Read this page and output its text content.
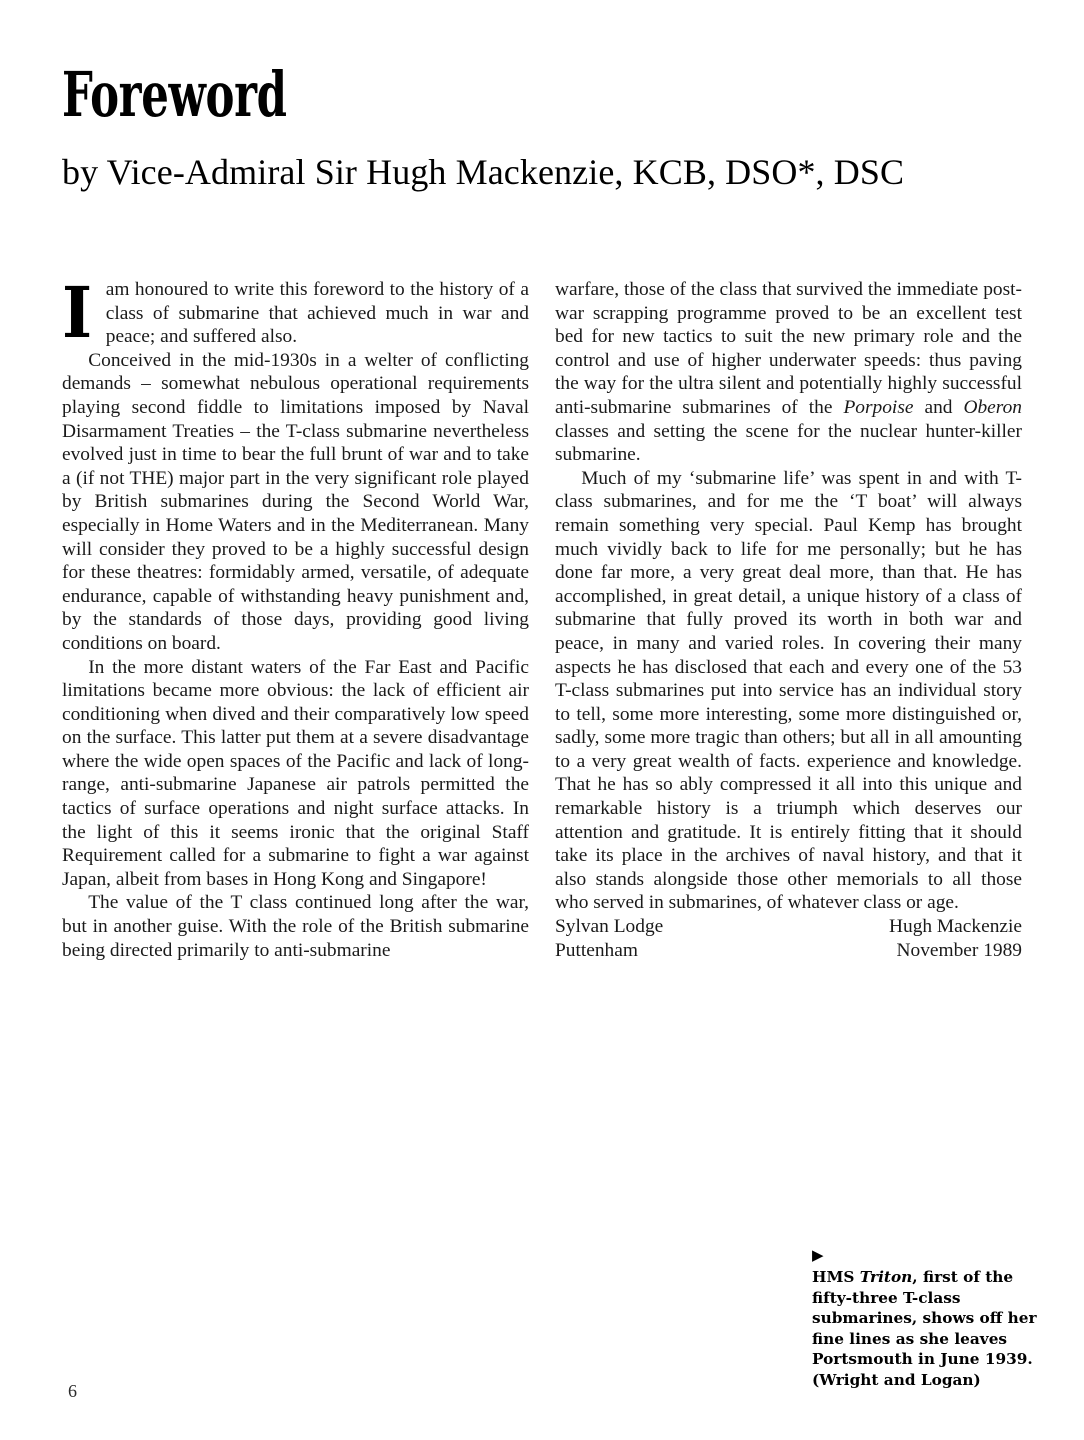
Foreword
by Vice-Admiral Sir Hugh Mackenzie, KCB, DSO*, DSC

Iam honoured to write this foreword to the history of a class of submarine that achieved much in war and peace; and suffered also.

Conceived in the mid-1930s in a welter of conflicting demands – somewhat nebulous operational requirements playing second fiddle to limitations imposed by Naval Disarmament Treaties – the T-class submarine nevertheless evolved just in time to bear the full brunt of war and to take a (if not THE) major part in the very significant role played by British submarines during the Second World War, especially in Home Waters and in the Mediterranean. Many will consider they proved to be a highly successful design for these theatres: formidably armed, versatile, of adequate endurance, capable of withstanding heavy punishment and, by the standards of those days, providing good living conditions on board.

In the more distant waters of the Far East and Pacific limitations became more obvious: the lack of efficient air conditioning when dived and their comparatively low speed on the surface. This latter put them at a severe disadvantage where the wide open spaces of the Pacific and lack of long-range, anti-submarine Japanese air patrols permitted the tactics of surface operations and night surface attacks. In the light of this it seems ironic that the original Staff Requirement called for a submarine to fight a war against Japan, albeit from bases in Hong Kong and Singapore!

The value of the T class continued long after the war, but in another guise. With the role of the British submarine being directed primarily to anti-submarine

warfare, those of the class that survived the immediate post-war scrapping programme proved to be an excellent test bed for new tactics to suit the new primary role and the control and use of higher underwater speeds: thus paving the way for the ultra silent and potentially highly successful anti-submarine submarines of the Porpoise and Oberon classes and setting the scene for the nuclear hunter-killer submarine.

Much of my ‘submarine life’ was spent in and with T-class submarines, and for me the ‘T boat’ will always remain something very special. Paul Kemp has brought much vividly back to life for me personally; but he has done far more, a very great deal more, than that. He has accomplished, in great detail, a unique history of a class of submarine that fully proved its worth in both war and peace, in many and varied roles. In covering their many aspects he has disclosed that each and every one of the 53 T-class submarines put into service has an individual story to tell, some more interesting, some more distinguished or, sadly, some more tragic than others; but all in all amounting to a very great wealth of facts. experience and knowledge. That he has so ably compressed it all into this unique and remarkable history is a triumph which deserves our attention and gratitude. It is entirely fitting that it should take its place in the archives of naval history, and that it also stands alongside those other memorials to all those who served in submarines, of whatever class or age.

Sylvan Lodge
Puttenham
Hugh Mackenzie
November 1989
▶
HMS Triton, first of the fifty-three T-class submarines, shows off her fine lines as she leaves Portsmouth in June 1939. (Wright and Logan)
6
